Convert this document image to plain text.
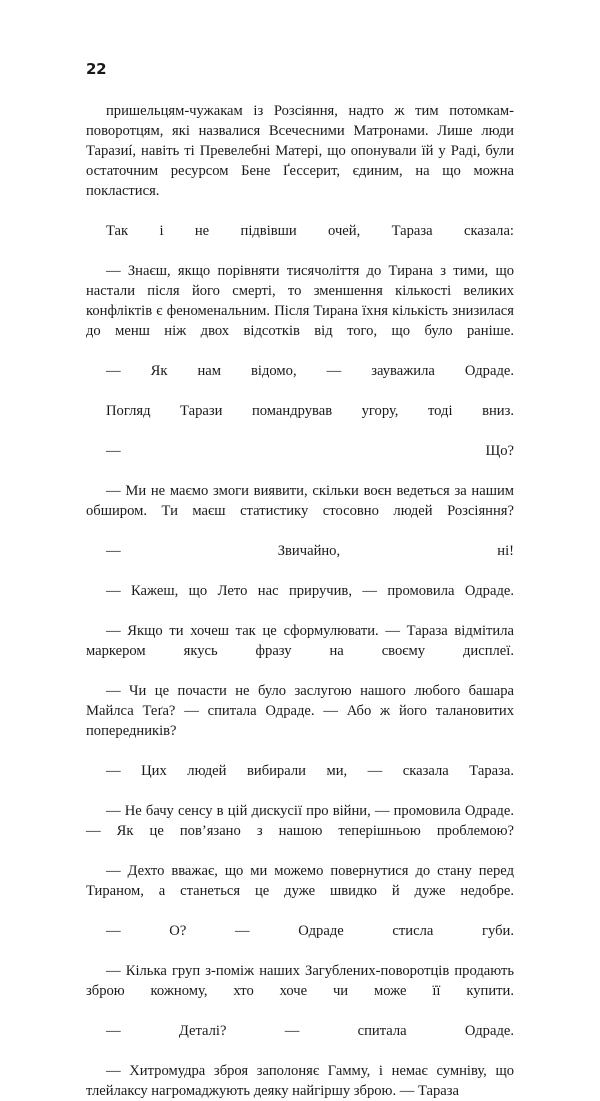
22

пришельцям-чужакам із Розсіяння, надто ж тим потомкам-поворотцям, які назвалися Всечесними Матронами. Лише люди Таразиí, навіть ті Превелебні Матері, що опонували їй у Раді, були остаточним ресурсом Бене Ґессерит, єдиним, на що можна покластися.

Так і не підвівши очей, Тараза сказала:

— Знаєш, якщо порівняти тисячоліття до Тирана з тими, що настали після його смерті, то зменшення кількості великих конфліктів є феноменальним. Після Тирана їхня кількість знизилася до менш ніж двох відсотків від того, що було раніше.

— Як нам відомо, — зауважила Одраде.

Погляд Тарази помандрував угору, тоді вниз.

— Що?

— Ми не маємо змоги виявити, скільки воєн ведеться за нашим обширом. Ти маєш статистику стосовно людей Розсіяння?

— Звичайно, ні!

— Кажеш, що Лето нас приручив, — промовила Одраде.

— Якщо ти хочеш так це сформулювати. — Тараза відмітила маркером якусь фразу на своєму дисплеї.

— Чи це почасти не було заслугою нашого любого башара Майлса Теґа? — спитала Одраде. — Або ж його талановитих попередників?

— Цих людей вибирали ми, — сказала Тараза.

— Не бачу сенсу в цій дискусії про війни, — промовила Одраде. — Як це пов’язано з нашою теперішньою проблемою?

— Дехто вважає, що ми можемо повернутися до стану перед Тираном, а станеться це дуже швидко й дуже недобре.

— О? — Одраде стисла губи.

— Кілька груп з-поміж наших Загублених-поворотців продають зброю кожному, хто хоче чи може її купити.

— Деталі? — спитала Одраде.

— Хитромудра зброя заполоняє Гамму, і немає сумніву, що тлейлаксу нагромаджують деяку найгіршу зброю. — Тараза
